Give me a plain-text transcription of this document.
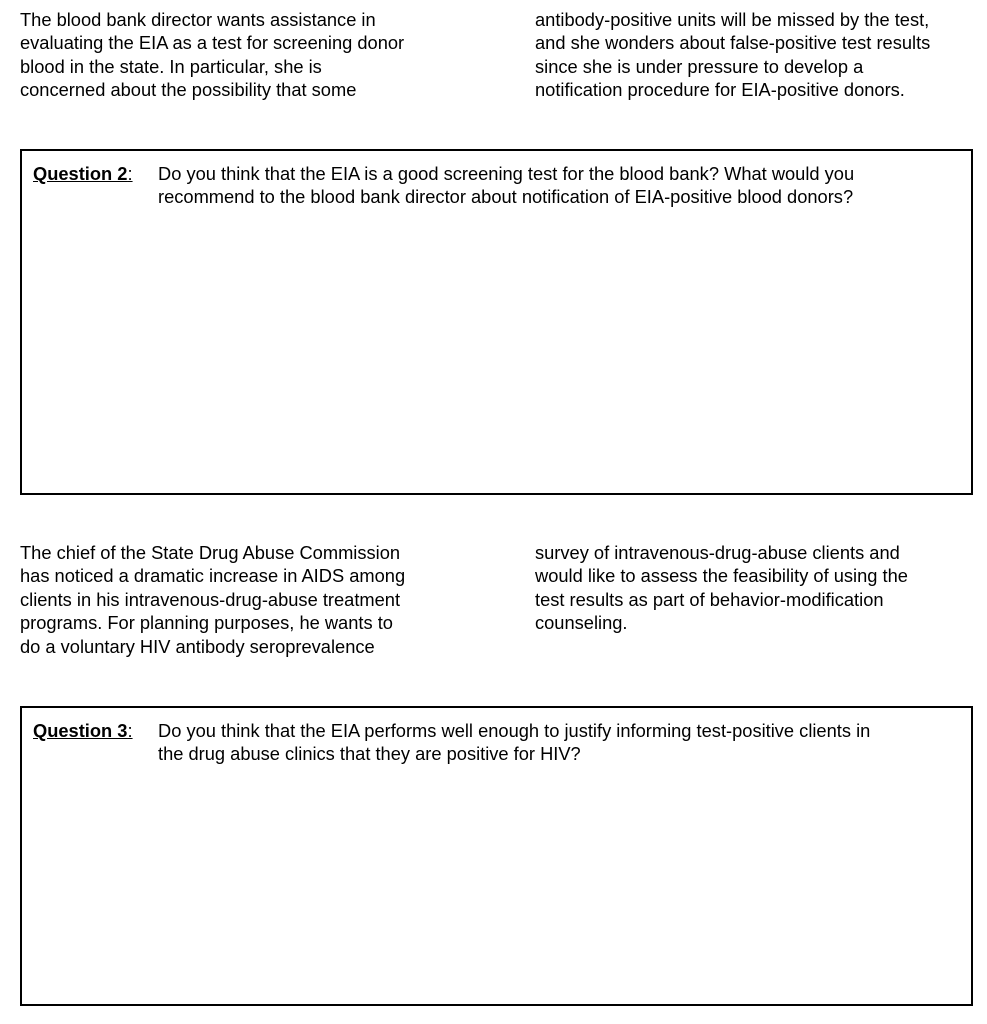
The blood bank director wants assistance in
evaluating the EIA as a test for screening donor
blood in the state. In particular, she is
concerned about the possibility that some

antibody-positive units will be missed by the test,
and she wonders about false-positive test results
since she is under pressure to develop a
notification procedure for EIA-positive donors.

Question 2: Do you think that the EIA is a good screening test for the blood bank? What would you
recommend to the blood bank director about notification of EIA-positive blood donors?

The chief of the State Drug Abuse Commission
has noticed a dramatic increase in AIDS among
clients in his intravenous-drug-abuse treatment
programs. For planning purposes, he wants to
do a voluntary HIV antibody seroprevalence

survey of intravenous-drug-abuse clients and
would like to assess the feasibility of using the
test results as part of behavior-modification
counseling.

Question 3: Do you think that the EIA performs well enough to justify informing test-positive clients in
the drug abuse clinics that they are positive for HIV?
